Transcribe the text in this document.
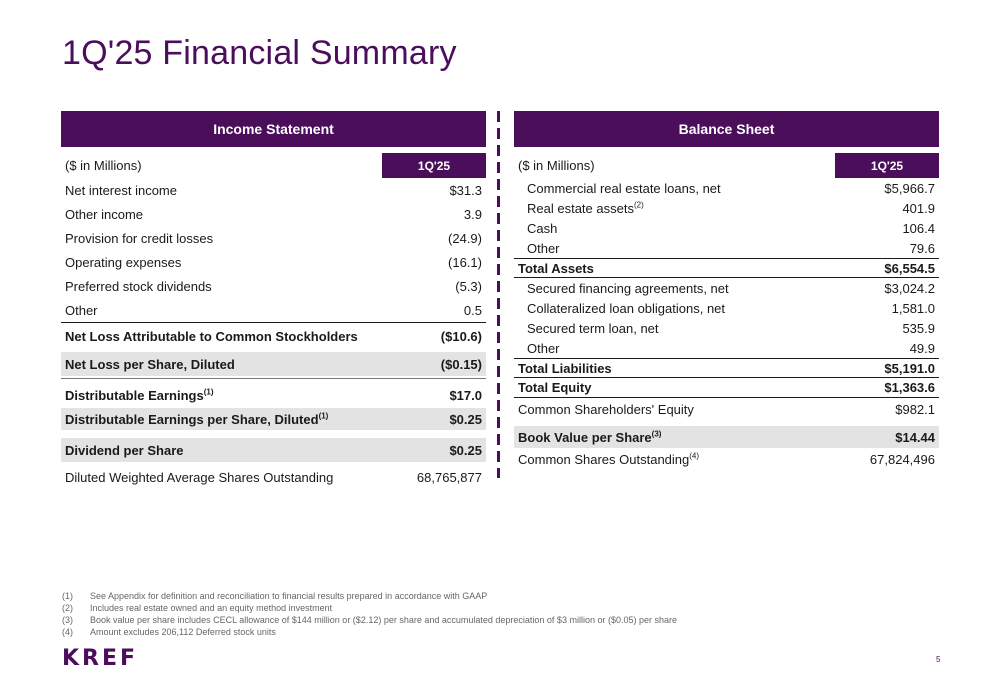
1Q'25 Financial Summary
Income Statement
($ in Millions)	1Q'25
Net interest income	$31.3
Other income	3.9
Provision for credit losses	(24.9)
Operating expenses	(16.1)
Preferred stock dividends	(5.3)
Other	0.5
Net Loss Attributable to Common Stockholders	($10.6)
Net Loss per Share, Diluted	($0.15)
Distributable Earnings$^{(1)}$	$17.0
Distributable Earnings per Share, Diluted$^{(1)}$	$0.25
Dividend per Share	$0.25
Diluted Weighted Average Shares Outstanding	68,765,877
Balance Sheet
($ in Millions)	1Q'25
Commercial real estate loans, net	$5,966.7
Real estate assets$^{(2)}$	401.9
Cash	106.4
Other	79.6
Total Assets	$6,554.5
Secured financing agreements, net	$3,024.2
Collateralized loan obligations, net	1,581.0
Secured term loan, net	535.9
Other	49.9
Total Liabilities	$5,191.0
Total Equity	$1,363.6
Common Shareholders' Equity	$982.1
Book Value per Share$^{(3)}$	$14.44
Common Shares Outstanding$^{(4)}$	67,824,496
(1)	See Appendix for definition and reconciliation to financial results prepared in accordance with GAAP
(2)	Includes real estate owned and an equity method investment
(3)	Book value per share includes CECL allowance of $144 million or ($2.12) per share and accumulated depreciation of $3 million or ($0.05) per share
(4)	Amount excludes 206,112 Deferred stock units
KREF	5
